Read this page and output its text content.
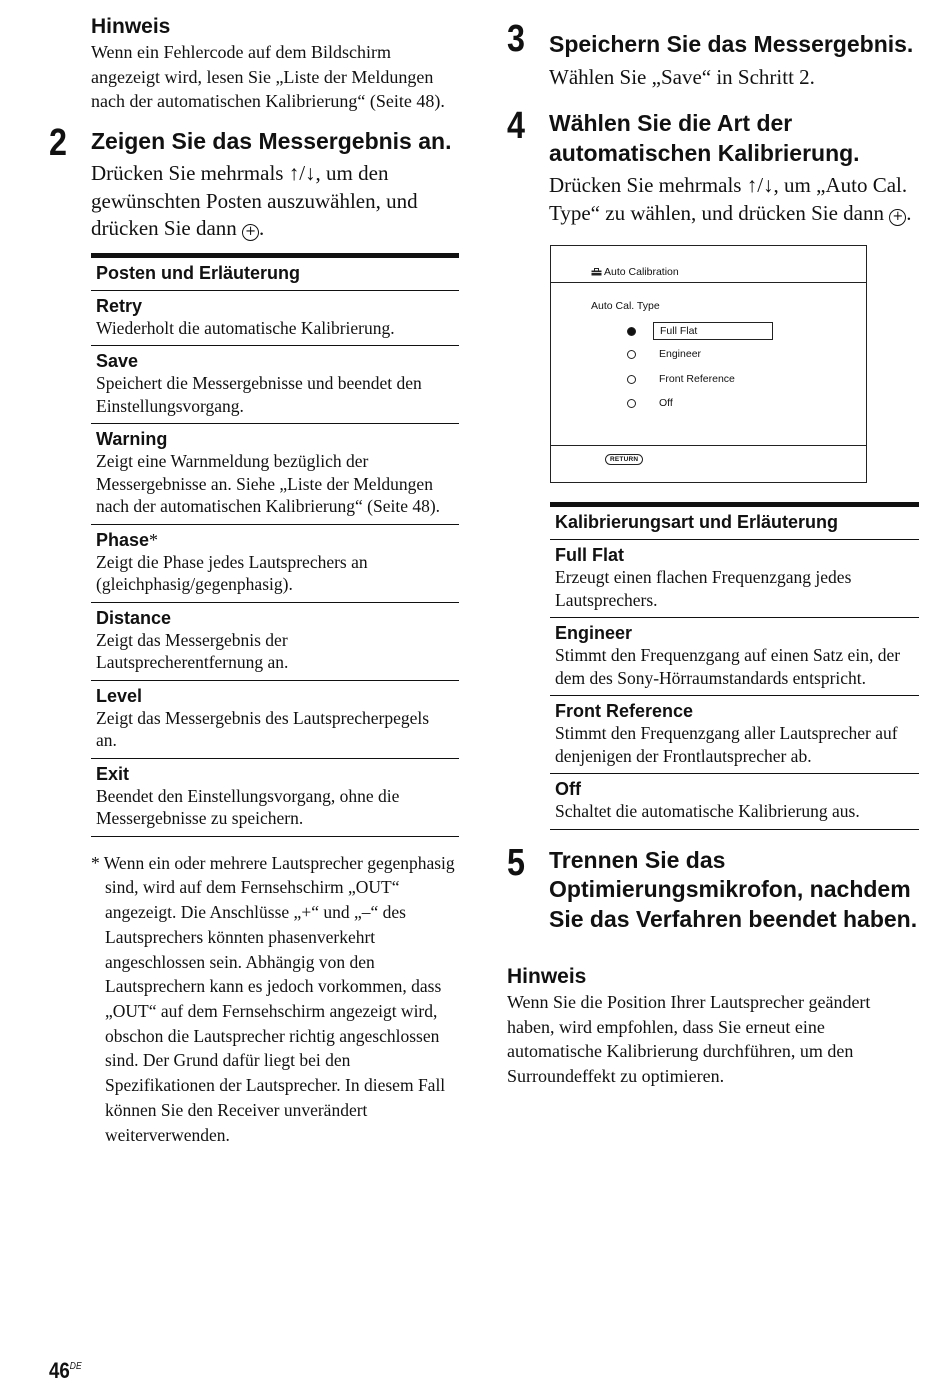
Hinweis

Wenn ein Fehlercode auf dem Bildschirm angezeigt wird, lesen Sie „Liste der Meldungen nach der automatischen Kalibrierung“ (Seite 48).

2 Zeigen Sie das Messergebnis an.

Drücken Sie mehrmals ↑/↓, um den gewünschten Posten auszuwählen, und drücken Sie dann + .

Posten und Erläuterung

Retry
Wiederholt die automatische Kalibrierung.

Save
Speichert die Messergebnisse und beendet den Einstellungsvorgang.

Warning
Zeigt eine Warnmeldung bezüglich der Messergebnisse an. Siehe „Liste der Meldungen nach der automatischen Kalibrierung“ (Seite 48).

Phase*
Zeigt die Phase jedes Lautsprechers an (gleichphasig/gegenphasig).

Distance
Zeigt das Messergebnis der Lautsprecherentfernung an.

Level
Zeigt das Messergebnis des Lautsprecherpegels an.

Exit
Beendet den Einstellungsvorgang, ohne die Messergebnisse zu speichern.

* Wenn ein oder mehrere Lautsprecher gegenphasig sind, wird auf dem Fernsehschirm „OUT“ angezeigt. Die Anschlüsse „+“ und „–“ des Lautsprechers könnten phasenverkehrt angeschlossen sein. Abhängig von den Lautsprechern kann es jedoch vorkommen, dass „OUT“ auf dem Fernsehschirm angezeigt wird, obschon die Lautsprecher richtig angeschlossen sind. Der Grund dafür liegt bei den Spezifikationen der Lautsprecher. In diesem Fall können Sie den Receiver unverändert weiterverwenden.

3 Speichern Sie das Messergebnis.

Wählen Sie „Save“ in Schritt 2.

4 Wählen Sie die Art der automatischen Kalibrierung.

Drücken Sie mehrmals ↑/↓, um „Auto Cal. Type“ zu wählen, und drücken Sie dann + .

Auto Calibration
Auto Cal. Type
Full Flat
Engineer
Front Reference
Off
RETURN
Kalibrierungsart und Erläuterung

Full Flat
Erzeugt einen flachen Frequenzgang jedes Lautsprechers.

Engineer
Stimmt den Frequenzgang auf einen Satz ein, der dem des Sony-Hörraumstandards entspricht.

Front Reference
Stimmt den Frequenzgang aller Lautsprecher auf denjenigen der Frontlautsprecher ab.

Off
Schaltet die automatische Kalibrierung aus.
5 Trennen Sie das Optimierungsmikrofon, nachdem Sie das Verfahren beendet haben.

Hinweis

Wenn Sie die Position Ihrer Lautsprecher geändert haben, wird empfohlen, dass Sie erneut eine automatische Kalibrierung durchführen, um den Surroundeffekt zu optimieren.

46DE
